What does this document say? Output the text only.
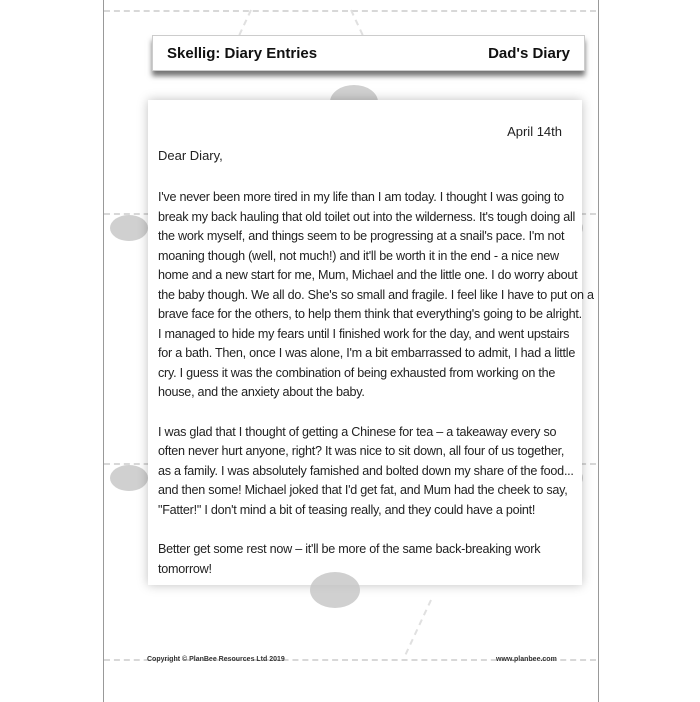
Skellig: Diary Entries	Dad's Diary
April 14th
Dear Diary,
I've never been more tired in my life than I am today. I thought I was going to
break my back hauling that old toilet out into the wilderness. It's tough doing all
the work myself, and things seem to be progressing at a snail's pace. I'm not
moaning though (well, not much!) and it'll be worth it in the end - a nice new
home and a new start for me, Mum, Michael and the little one. I do worry about
the baby though. We all do. She's so small and fragile. I feel like I have to put on a
brave face for the others, to help them think that everything's going to be alright.
I managed to hide my fears until I finished work for the day, and went upstairs
for a bath. Then, once I was alone, I'm a bit embarrassed to admit, I had a little
cry. I guess it was the combination of being exhausted from working on the
house, and the anxiety about the baby.
I was glad that I thought of getting a Chinese for tea – a takeaway every so
often never hurt anyone, right? It was nice to sit down, all four of us together,
as a family. I was absolutely famished and bolted down my share of the food...
and then some! Michael joked that I'd get fat, and Mum had the cheek to say,
"Fatter!" I don't mind a bit of teasing really, and they could have a point!
Better get some rest now – it'll be more of the same back-breaking work
tomorrow!
Copyright © PlanBee Resources Ltd 2019	www.planbee.com
